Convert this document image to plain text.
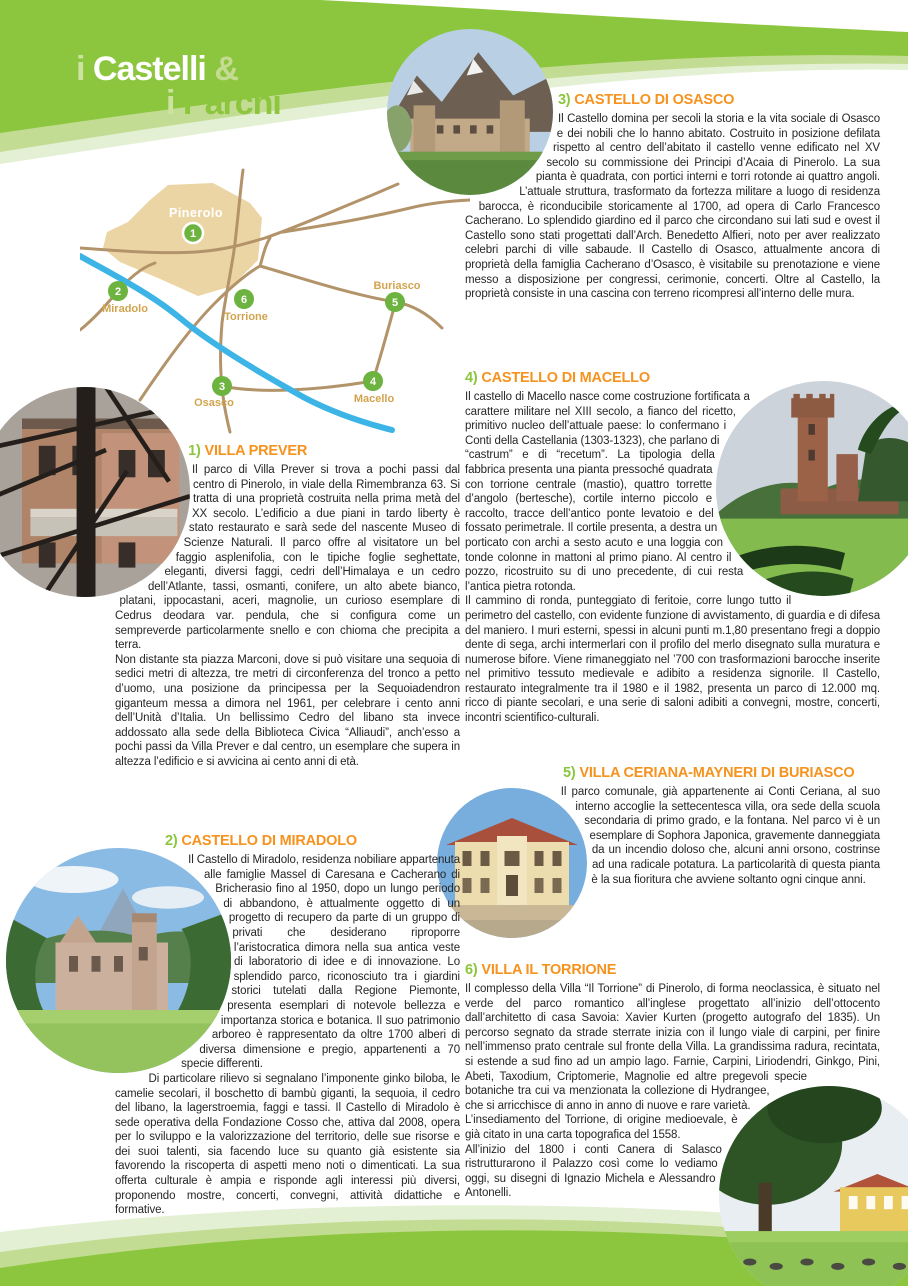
i Castelli &
i Parchi
Pinerolo
1
2
Miradolo
3
Osasco
4
Macello
5
Buriasco
6
Torrione
1) VILLA PREVER

Il parco di Villa Prever si trova a pochi passi dal centro di Pinerolo, in viale della Rimembranza 63. Si tratta di una proprietà costruita nella prima metà del XX secolo. L’edificio a due piani in tardo liberty è stato restaurato e sarà sede del nascente Museo di Scienze Naturali. Il parco offre al visitatore un bel faggio asplenifolia, con le tipiche foglie seghettate, eleganti, diversi faggi, cedri dell’Himalaya e un cedro dell’Atlante, tassi, osmanti, conifere, un alto abete bianco, platani, ippocastani, aceri, magnolie, un curioso esemplare di Cedrus deodara var. pendula, che si configura come un sempreverde particolarmente snello e con chioma che precipita a terra.

Non distante sta piazza Marconi, dove si può visitare una sequoia di sedici metri di altezza, tre metri di circonferenza del tronco a petto d’uomo, una posizione da principessa per la Sequoiadendron giganteum messa a dimora nel 1961, per celebrare i cento anni dell’Unità d’Italia. Un bellissimo Cedro del libano sta invece addossato alla sede della Biblioteca Civica “Alliaudi”, anch’esso a pochi passi da Villa Prever e dal centro, un esemplare che supera in altezza l’edificio e si avvicina ai cento anni di età.

2) CASTELLO DI MIRADOLO

Il Castello di Miradolo, residenza nobiliare appartenuta alle famiglie Massel di Caresana e Cacherano di Bricherasio fino al 1950, dopo un lungo periodo di abbandono, è attualmente oggetto di un progetto di recupero da parte di un gruppo di privati che desiderano riproporre l’aristocratica dimora nella sua antica veste di laboratorio di idee e di innovazione. Lo splendido parco, riconosciuto tra i giardini storici tutelati dalla Regione Piemonte, presenta esemplari di notevole bellezza e importanza storica e botanica. Il suo patrimonio arboreo è rappresentato da oltre 1700 alberi di diversa dimensione e pregio, appartenenti a 70 specie differenti.

Di particolare rilievo si segnalano l’imponente ginko biloba, le camelie secolari, il boschetto di bambù giganti, la sequoia, il cedro del libano, la lagerstroemia, faggi e tassi. Il Castello di Miradolo è sede operativa della Fondazione Cosso che, attiva dal 2008, opera per lo sviluppo e la valorizzazione del territorio, delle sue risorse e dei suoi talenti, sia facendo luce su quanto già esistente sia favorendo la riscoperta di aspetti meno noti o dimenticati. La sua offerta culturale è ampia e risponde agli interessi più diversi, proponendo mostre, concerti, convegni, attività didattiche e formative.

3) CASTELLO DI OSASCO

Il Castello domina per secoli la storia e la vita sociale di Osasco e dei nobili che lo hanno abitato. Costruito in posizione defilata rispetto al centro dell’abitato il castello venne edificato nel XV secolo su commissione dei Principi d’Acaia di Pinerolo. La sua pianta è quadrata, con portici interni e torri rotonde ai quattro angoli. L’attuale struttura, trasformato da fortezza militare a luogo di residenza barocca, è riconducibile storicamente al 1700, ad opera di Carlo Francesco Cacherano. Lo splendido giardino ed il parco che circondano sui lati sud e ovest il Castello sono stati progettati dall’Arch. Benedetto Alfieri, noto per aver realizzato celebri parchi di ville sabaude. Il Castello di Osasco, attualmente ancora di proprietà della famiglia Cacherano d’Osasco, è visitabile su prenotazione e viene messo a disposizione per congressi, cerimonie, concerti. Oltre al Castello, la proprietà consiste in una cascina con terreno ricompresi all’interno delle mura.

4) CASTELLO DI MACELLO

Il castello di Macello nasce come costruzione fortificata a carattere militare nel XIII secolo, a fianco del ricetto, primitivo nucleo dell’attuale paese: lo confermano i Conti della Castellania (1303-1323), che parlano di “castrum” e di “recetum”. La tipologia della fabbrica presenta una pianta pressoché quadrata con torrione centrale (mastio), quattro torrette d’angolo (bertesche), cortile interno piccolo e raccolto, tracce dell’antico ponte levatoio e del fossato perimetrale. Il cortile presenta, a destra un porticato con archi a sesto acuto e una loggia con tonde colonne in mattoni al primo piano. Al centro il pozzo, ricostruito su di uno precedente, di cui resta l’antica pietra rotonda.

Il cammino di ronda, punteggiato di feritoie, corre lungo tutto il perimetro del castello, con evidente funzione di avvistamento, di guardia e di difesa del maniero. I muri esterni, spessi in alcuni punti m.1,80 presentano fregi a doppio dente di sega, archi intermerlari con il profilo del merlo disegnato sulla muratura e numerose bifore. Viene rimaneggiato nel ’700 con trasformazioni barocche inserite nel primitivo tessuto medievale e adibito a residenza signorile. Il Castello, restaurato integralmente tra il 1980 e il 1982, presenta un parco di 12.000 mq. ricco di piante secolari, e una serie di saloni adibiti a convegni, mostre, concerti, incontri scientifico-culturali.

5) VILLA CERIANA-MAYNERI DI BURIASCO

Il parco comunale, già appartenente ai Conti Ceriana, al suo interno accoglie la settecentesca villa, ora sede della scuola secondaria di primo grado, e la fontana. Nel parco vi è un esemplare di Sophora Japonica, gravemente danneggiata da un incendio doloso che, alcuni anni orsono, costrinse ad una radicale potatura. La particolarità di questa pianta è la sua fioritura che avviene soltanto ogni cinque anni.

6) VILLA IL TORRIONE

Il complesso della Villa “Il Torrione” di Pinerolo, di forma neoclassica, è situato nel verde del parco romantico all’inglese progettato all’inizio dell’ottocento dall’architetto di casa Savoia: Xavier Kurten (progetto autografo del 1835). Un percorso segnato da strade sterrate inizia con il lungo viale di carpini, per finire nell’immenso prato centrale sul fronte della Villa. La grandissima radura, recintata, si estende a sud fino ad un ampio lago. Farnie, Carpini, Liriodendri, Ginkgo, Pini, Abeti, Taxodium, Criptomerie, Magnolie ed altre pregevoli specie botaniche tra cui va menzionata la collezione di Hydrangee, che si arricchisce di anno in anno di nuove e rare varietà. L’insediamento del Torrione, di origine medioevale, è già citato in una carta topografica del 1558.

All’inizio del 1800 i conti Canera di Salasco ristrutturarono il Palazzo così come lo vediamo oggi, su disegni di Ignazio Michela e Alessandro Antonelli.
